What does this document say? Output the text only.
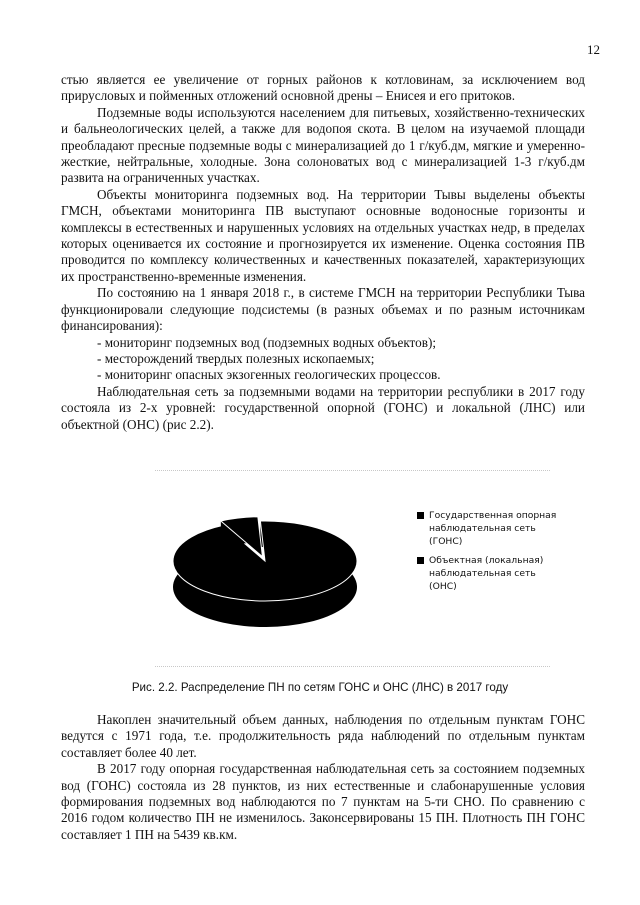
12

стью является ее увеличение от горных районов к котловинам, за исключением вод прирусловых и пойменных отложений основной дрены – Енисея и его притоков.

Подземные воды используются населением для питьевых, хозяйственно-технических и бальнеологических целей, а также для водопоя скота. В целом на изучаемой площади преобладают пресные подземные воды с минерализацией до 1 г/куб.дм, мягкие и умеренно-жесткие, нейтральные, холодные. Зона солоноватых вод с минерализацией 1-3 г/куб.дм развита на ограниченных участках.

Объекты мониторинга подземных вод. На территории Тывы выделены объекты ГМСН, объектами мониторинга ПВ выступают основные водоносные горизонты и комплексы в естественных и нарушенных условиях на отдельных участках недр, в пределах которых оценивается их состояние и прогнозируется их изменение. Оценка состояния ПВ проводится по комплексу количественных и качественных показателей, характеризующих их пространственно-временные изменения.

По состоянию на 1 января 2018 г., в системе ГМСН на территории Республики Тыва функционировали следующие подсистемы (в разных объемах и по разным источникам финансирования):

- мониторинг подземных вод (подземных водных объектов);

- месторождений твердых полезных ископаемых;

- мониторинг опасных экзогенных геологических процессов.

Наблюдательная сеть за подземными водами на территории республики в 2017 году состояла из 2-х уровней: государственной опорной (ГОНС) и локальной (ЛНС) или объектной (ОНС) (рис 2.2).

Государственная опорная наблюдательная сеть (ГОНС)
Объектная (локальная) наблюдательная сеть (ОНС)
Рис. 2.2. Распределение ПН по сетям ГОНС и ОНС (ЛНС) в 2017 году

Накоплен значительный объем данных, наблюдения по отдельным пунктам ГОНС ведутся с 1971 года, т.е. продолжительность ряда наблюдений по отдельным пунктам составляет более 40 лет.

В 2017 году опорная государственная наблюдательная сеть за состоянием подземных вод (ГОНС) состояла из 28 пунктов, из них естественные и слабонарушенные условия формирования подземных вод наблюдаются по 7 пунктам на 5-ти СНО. По сравнению с 2016 годом количество ПН не изменилось. Законсервированы 15 ПН. Плотность ПН ГОНС составляет 1 ПН на 5439 кв.км.
